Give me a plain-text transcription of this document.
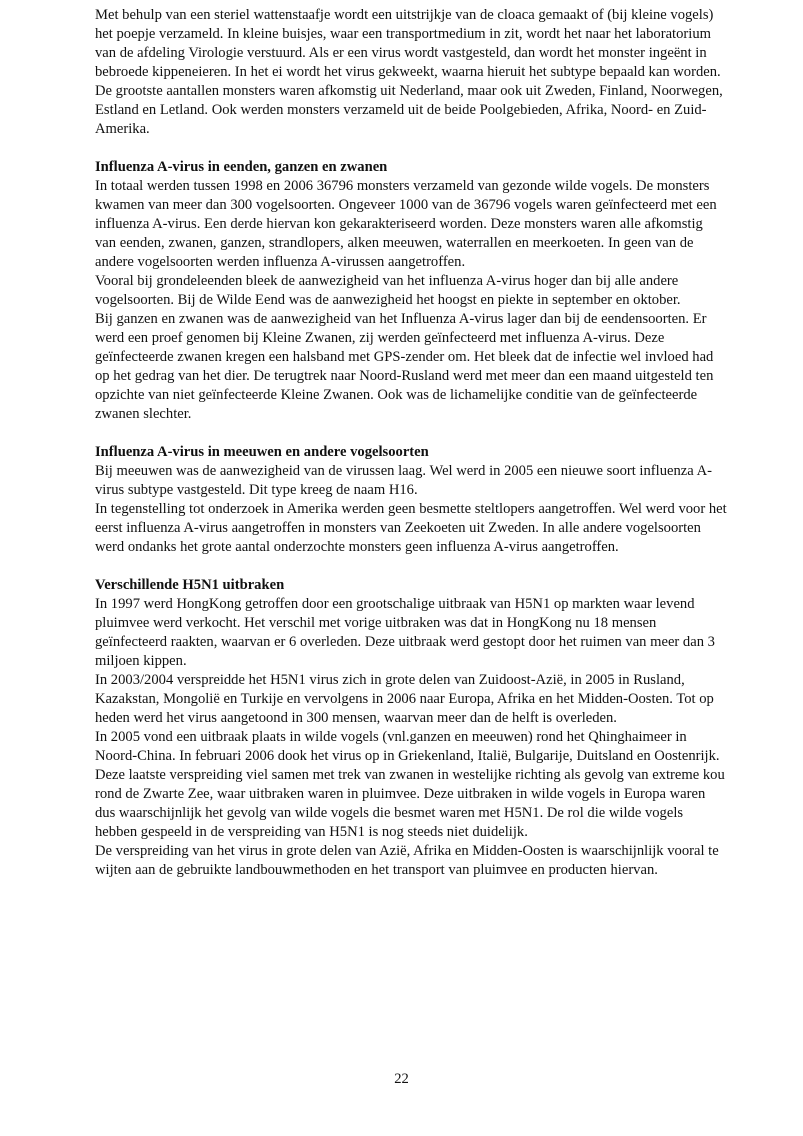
Met behulp van een steriel wattenstaafje wordt een uitstrijkje van de cloaca gemaakt of (bij kleine vogels) het poepje verzameld. In kleine buisjes, waar een transportmedium in zit, wordt het naar het laboratorium van de afdeling Virologie verstuurd. Als er een virus wordt vastgesteld, dan wordt het monster ingeënt in bebroede kippeneieren. In het ei wordt het virus gekweekt, waarna hieruit het subtype bepaald kan worden. De grootste aantallen monsters waren afkomstig uit Nederland, maar ook uit Zweden, Finland, Noorwegen, Estland en Letland. Ook werden monsters verzameld uit de beide Poolgebieden, Afrika, Noord- en Zuid-Amerika.

Influenza A-virus in eenden, ganzen en zwanen

In totaal werden tussen 1998 en 2006 36796 monsters verzameld van gezonde wilde vogels. De monsters kwamen van meer dan 300 vogelsoorten. Ongeveer 1000 van de 36796 vogels waren geïnfecteerd met een influenza A-virus. Een derde hiervan kon gekarakteriseerd worden. Deze monsters waren alle afkomstig van eenden, zwanen, ganzen, strandlopers, alken meeuwen, waterrallen en meerkoeten. In geen van de andere vogelsoorten werden influenza A-virussen aangetroffen.

Vooral bij grondeleenden bleek de aanwezigheid van het influenza A-virus hoger dan bij alle andere vogelsoorten. Bij de Wilde Eend was de aanwezigheid het hoogst en piekte in september en oktober.

Bij ganzen en zwanen was de aanwezigheid van het Influenza A-virus lager dan bij de eendensoorten. Er werd een proef genomen bij Kleine Zwanen, zij werden geïnfecteerd met influenza A-virus. Deze geïnfecteerde zwanen kregen een halsband met GPS-zender om. Het bleek dat de infectie wel invloed had op het gedrag van het dier. De terugtrek naar Noord-Rusland werd met meer dan een maand uitgesteld ten opzichte van niet geïnfecteerde Kleine Zwanen. Ook was de lichamelijke conditie van de geïnfecteerde zwanen slechter.

Influenza A-virus in meeuwen en andere vogelsoorten

Bij meeuwen was de aanwezigheid van de virussen laag. Wel werd in 2005 een nieuwe soort influenza A-virus subtype vastgesteld. Dit type kreeg de naam H16.

In tegenstelling tot onderzoek in Amerika werden geen besmette steltlopers aangetroffen. Wel werd voor het eerst influenza A-virus aangetroffen in monsters van Zeekoeten uit Zweden. In alle andere vogelsoorten werd ondanks het grote aantal onderzochte monsters geen influenza A-virus aangetroffen.

Verschillende H5N1 uitbraken

In 1997 werd HongKong getroffen door een grootschalige uitbraak van H5N1 op markten waar levend pluimvee werd verkocht. Het verschil met vorige uitbraken was dat in HongKong nu 18 mensen geïnfecteerd raakten, waarvan er 6 overleden. Deze uitbraak werd gestopt door het ruimen van meer dan 3 miljoen kippen.

In 2003/2004 verspreidde het H5N1 virus zich in grote delen van Zuidoost-Azië, in 2005 in Rusland, Kazakstan, Mongolië en Turkije en vervolgens in 2006 naar Europa, Afrika en het Midden-Oosten. Tot op heden werd het virus aangetoond in 300 mensen, waarvan meer dan de helft is overleden.

In 2005 vond een uitbraak plaats in wilde vogels (vnl.ganzen en meeuwen) rond het Qhinghaimeer in Noord-China. In februari 2006 dook het virus op in Griekenland, Italië, Bulgarije, Duitsland en Oostenrijk. Deze laatste verspreiding viel samen met trek van zwanen in westelijke richting als gevolg van extreme kou rond de Zwarte Zee, waar uitbraken waren in pluimvee. Deze uitbraken in wilde vogels in Europa waren dus waarschijnlijk het gevolg van wilde vogels die besmet waren met H5N1. De rol die wilde vogels hebben gespeeld in de verspreiding van H5N1 is nog steeds niet duidelijk.

De verspreiding van het virus in grote delen van Azië, Afrika en Midden-Oosten is waarschijnlijk vooral te wijten aan de gebruikte landbouwmethoden en het transport van pluimvee en producten hiervan.

22
